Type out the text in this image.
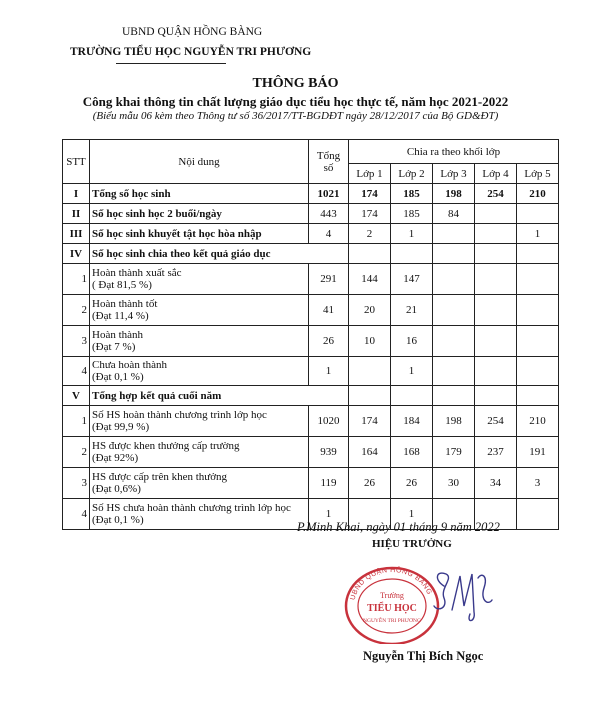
UBND QUẬN HỒNG BÀNG
TRƯỜNG TIỂU HỌC NGUYỄN TRI PHƯƠNG
THÔNG BÁO
Công khai thông tin chất lượng giáo dục tiểu học thực tế, năm học 2021-2022
(Biểu mẫu 06 kèm theo Thông tư số 36/2017/TT-BGDĐT ngày 28/12/2017 của Bộ GD&ĐT)
STT	Nội dung	Tổng số	Chia ra theo khối lớp				
			Lớp 1	Lớp 2	Lớp 3	Lớp 4	Lớp 5
I	Tổng số học sinh	1021	174	185	198	254	210
II	Số học sinh học 2 buổi/ngày	443	174	185	84		
III	Số học sinh khuyết tật học hòa nhập	4	2	1			1
IV	Số học sinh chia theo kết quả giáo dục						

1	Hoàn thành xuất sắc
( Đạt 81,5 %)	291	144	147			
2	Hoàn thành tốt
(Đạt 11,4 %)	41	20	21			
3	Hoàn thành
(Đạt 7 %)	26	10	16			
4	Chưa hoàn thành
(Đạt 0,1 %)	1		1			
V	Tổng hợp kết quả cuối năm						

1	Số HS hoàn thành chương trình lớp học
(Đạt 99,9 %)	1020	174	184	198	254	210
2	HS được khen thưởng cấp trường
(Đạt 92%)	939	164	168	179	237	191
3	HS được cấp trên khen thưởng
(Đạt 0,6%)	119	26	26	30	34	3
4	Số HS chưa hoàn thành chương trình lớp học
(Đạt 0,1 %)	1		1			
P.Minh Khai, ngày 01 tháng 9 năm 2022
HIỆU TRƯỞNG
UBND QUẬN HỒNG BÀNG
Trường
TIỂU HỌC
NGUYỄN TRI PHƯƠNG
Nguyễn Thị Bích Ngọc
